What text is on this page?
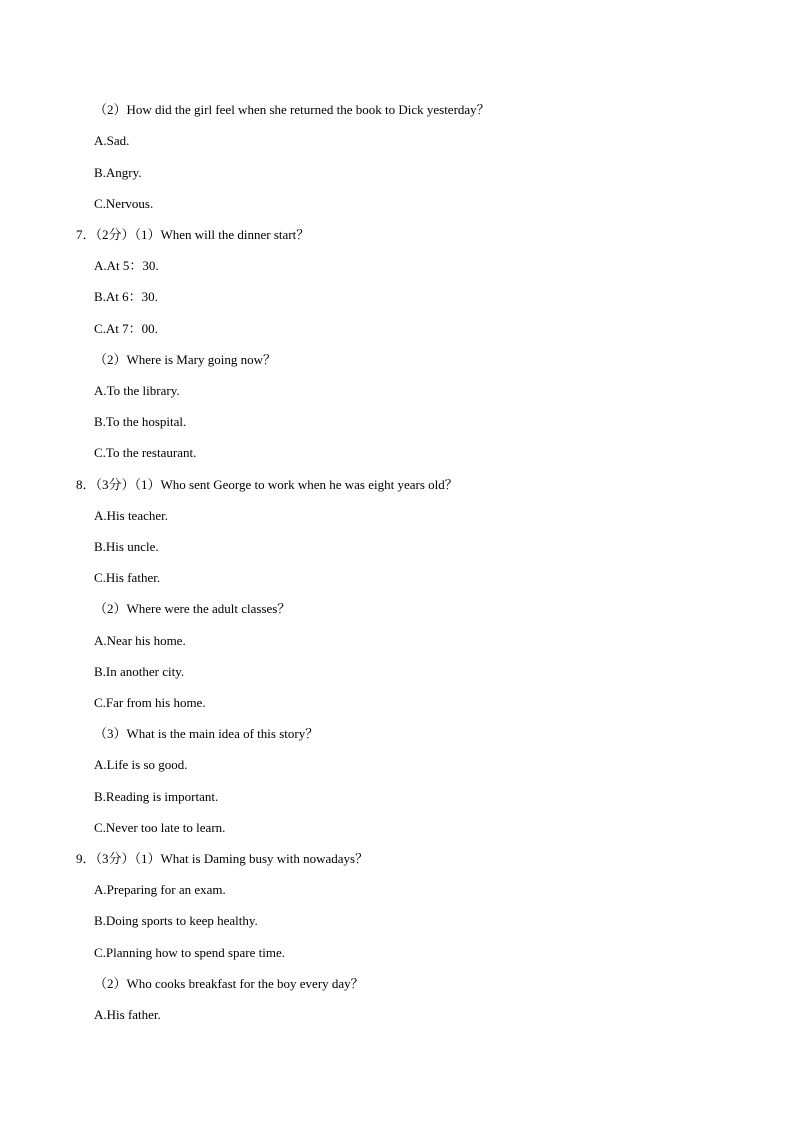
（2）How did the girl feel when she returned the book to Dick yesterday？
A.Sad.
B.Angry.
C.Nervous.
7．（2分）（1）When will the dinner start？
A.At 5：30.
B.At 6：30.
C.At 7：00.
（2）Where is Mary going now？
A.To the library.
B.To the hospital.
C.To the restaurant.
8．（3分）（1）Who sent George to work when he was eight years old？
A.His teacher.
B.His uncle.
C.His father.
（2）Where were the adult classes？
A.Near his home.
B.In another city.
C.Far from his home.
（3）What is the main idea of this story？
A.Life is so good.
B.Reading is important.
C.Never too late to learn.
9．（3分）（1）What is Daming busy with nowadays？
A.Preparing for an exam.
B.Doing sports to keep healthy.
C.Planning how to spend spare time.
（2）Who cooks breakfast for the boy every day？
A.His father.
